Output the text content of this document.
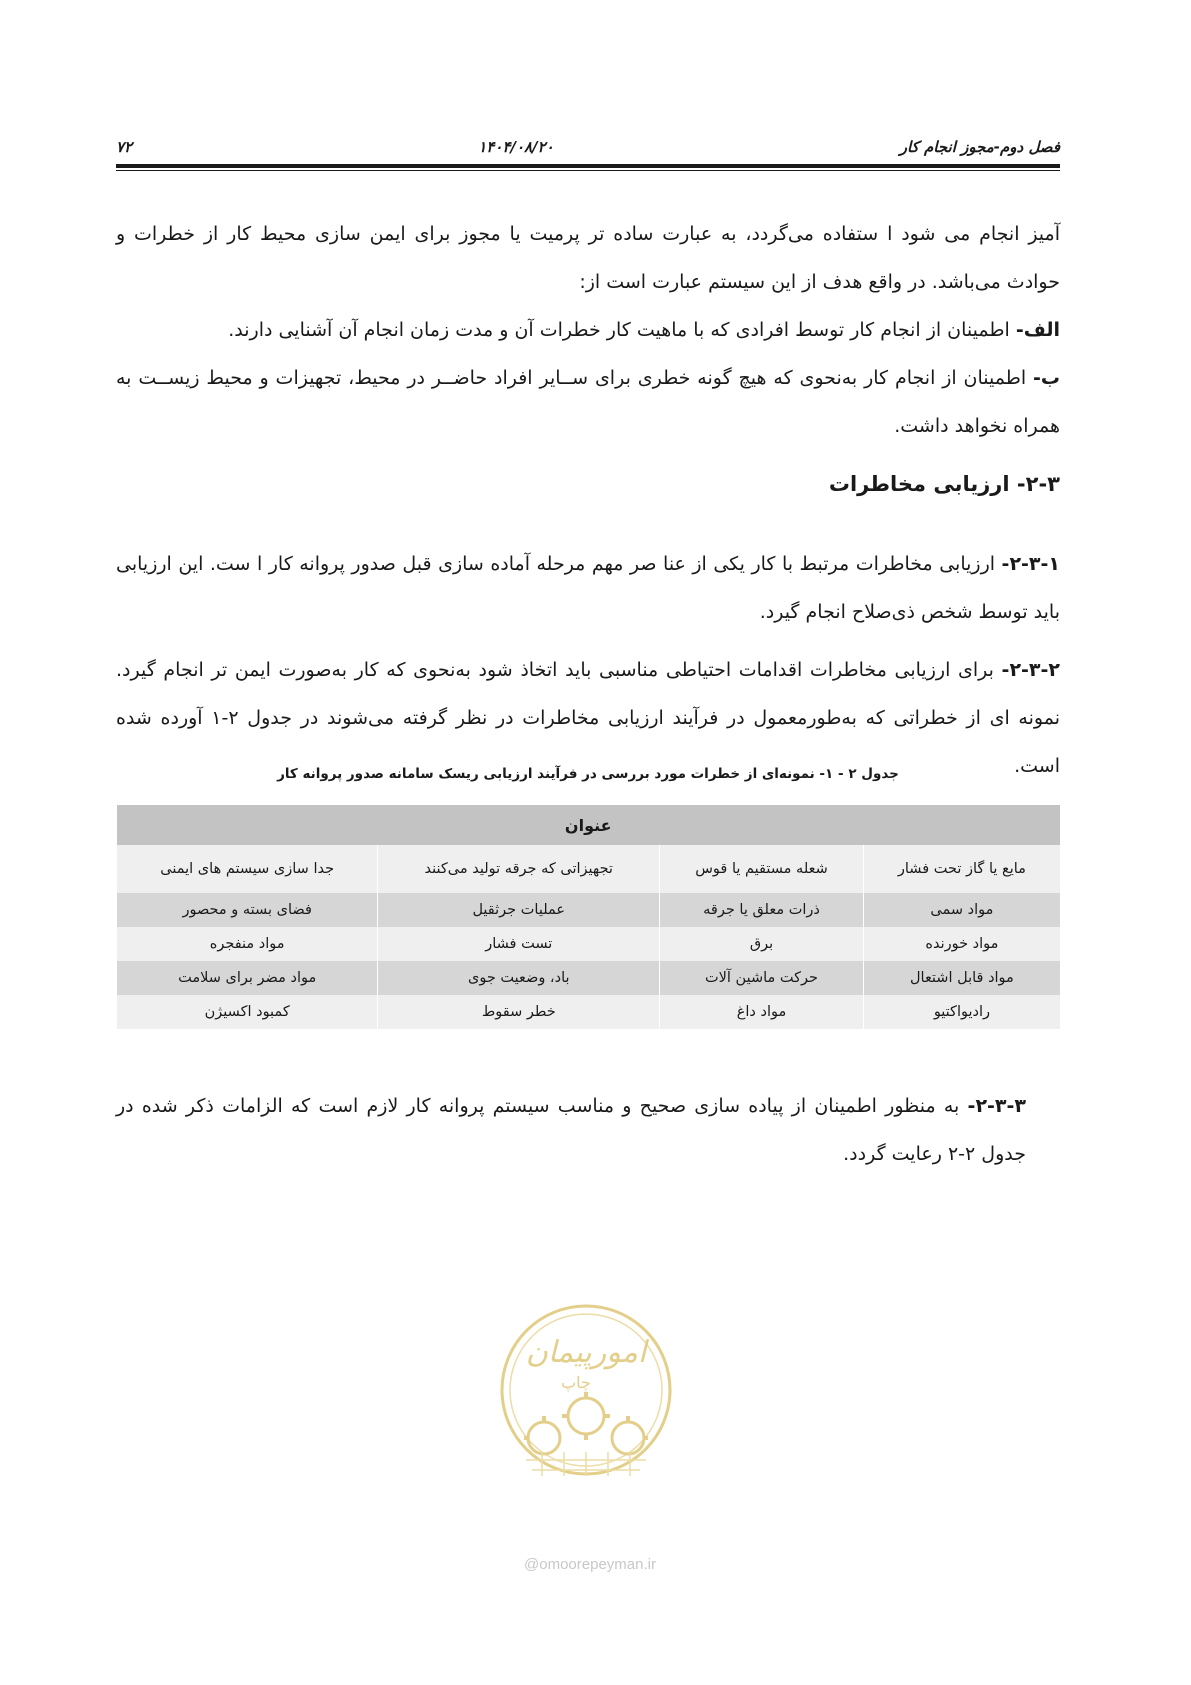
۷۲	۱۴۰۴/۰۸/۲۰	فصل دوم-مجوز انجام کار

آمیز انجام می شود ا ستفاده می‌گردد، به عبارت ساده تر پرمیت یا مجوز برای ایمن سازی محیط کار از خطرات و حوادث می‌باشد. در واقع هدف از این سیستم عبارت است از:

الف- اطمینان از انجام کار توسط افرادی که با ماهیت کار خطرات آن و مدت زمان انجام آن آشنایی دارند.

ب- اطمینان از انجام کار به‌نحوی که هیچ گونه خطری برای ســایر افراد حاضــر در محیط، تجهیزات و محیط زیســت به همراه نخواهد داشت.

۲-۳- ارزیابی مخاطرات

۲-۳-۱- ارزیابی مخاطرات مرتبط با کار یکی از عنا صر مهم مرحله آماده سازی قبل صدور پروانه کار ا ست. این ارزیابی باید توسط شخص ذی‌صلاح انجام گیرد.

۲-۳-۲- برای ارزیابی مخاطرات اقدامات احتیاطی مناسبی باید اتخاذ شود به‌نحوی که کار به‌صورت ایمن تر انجام گیرد. نمونه ای از خطراتی که به‌طورمعمول در فرآیند ارزیابی مخاطرات در نظر گرفته می‌شوند در جدول ۲-۱ آورده شده است.

جدول ۲ - ۱- نمونه‌ای از خطرات مورد بررسی در فرآیند ارزیابی ریسک سامانه صدور پروانه کار

عنوان			
مایع یا گاز تحت فشار	شعله مستقیم یا قوس	تجهیزاتی که جرقه تولید می‌کنند	جدا سازی سیستم های ایمنی
مواد سمی	ذرات معلق یا جرقه	عملیات جرثقیل	فضای بسته و محصور
مواد خورنده	برق	تست فشار	مواد منفجره
مواد قابل اشتعال	حرکت ماشین آلات	باد، وضعیت جوی	مواد مضر برای سلامت
رادیواکتیو	مواد داغ	خطر سقوط	کمبود اکسیژن

۲-۳-۳- به منظور اطمینان از پیاده سازی صحیح و مناسب سیستم پروانه کار لازم است که الزامات ذکر شده در جدول ۲-۲ رعایت گردد.

امورپیمان
چاپ
@omoorepeyman.ir
